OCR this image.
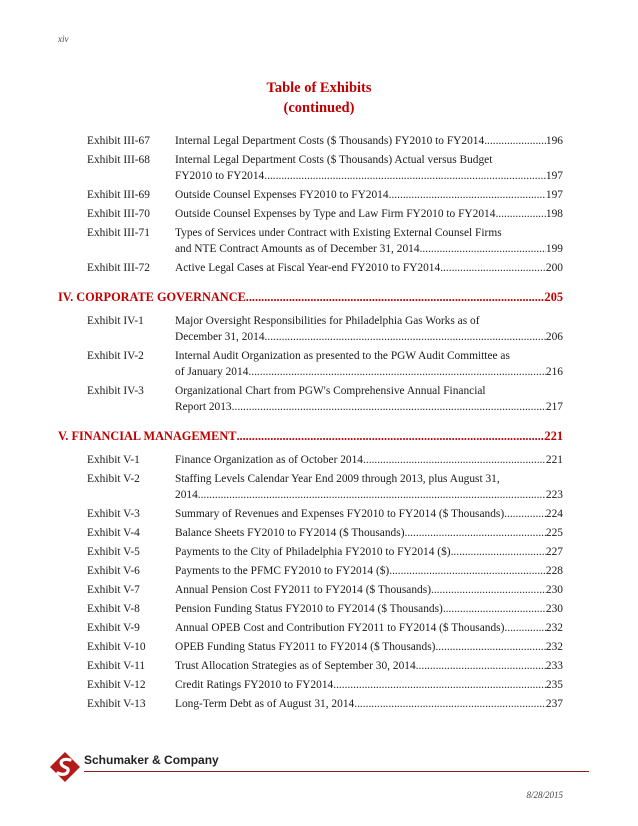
xiv
Table of Exhibits
(continued)
Exhibit III-67	Internal Legal Department Costs ($ Thousands) FY2010 to FY2014 .....	196
Exhibit III-68	Internal Legal Department Costs ($ Thousands) Actual versus Budget
FY2010 to FY2014 .....	197
Exhibit III-69	Outside Counsel Expenses FY2010 to FY2014 .....	197
Exhibit III-70	Outside Counsel Expenses by Type and Law Firm FY2010 to FY2014 .....	198
Exhibit III-71	Types of Services under Contract with Existing External Counsel Firms
and NTE Contract Amounts as of December 31, 2014 .....	199
Exhibit III-72	Active Legal Cases at Fiscal Year-end FY2010 to FY2014 .....	200
IV. CORPORATE GOVERNANCE .....	205
Exhibit IV-1	Major Oversight Responsibilities for Philadelphia Gas Works as of
December 31, 2014 .....	206
Exhibit IV-2	Internal Audit Organization as presented to the PGW Audit Committee as
of January 2014 .....	216
Exhibit IV-3	Organizational Chart from PGW's Comprehensive Annual Financial
Report 2013 .....	217
V. FINANCIAL MANAGEMENT .....	221
Exhibit V-1	Finance Organization as of October 2014 .....	221
Exhibit V-2	Staffing Levels Calendar Year End 2009 through 2013, plus August 31,
2014 .....	223
Exhibit V-3	Summary of Revenues and Expenses FY2010 to FY2014 ($ Thousands) .....	224
Exhibit V-4	Balance Sheets FY2010 to FY2014 ($ Thousands) .....	225
Exhibit V-5	Payments to the City of Philadelphia FY2010 to FY2014 ($) .....	227
Exhibit V-6	Payments to the PFMC FY2010 to FY2014 ($) .....	228
Exhibit V-7	Annual Pension Cost FY2011 to FY2014 ($ Thousands) .....	230
Exhibit V-8	Pension Funding Status FY2010 to FY2014 ($ Thousands) .....	230
Exhibit V-9	Annual OPEB Cost and Contribution FY2011 to FY2014 ($ Thousands) .....	232
Exhibit V-10	OPEB Funding Status FY2011 to FY2014 ($ Thousands) .....	232
Exhibit V-11	Trust Allocation Strategies as of September 30, 2014 .....	233
Exhibit V-12	Credit Ratings FY2010 to FY2014 .....	235
Exhibit V-13	Long-Term Debt as of August 31, 2014 .....	237
Schumaker & Company
8/28/2015
